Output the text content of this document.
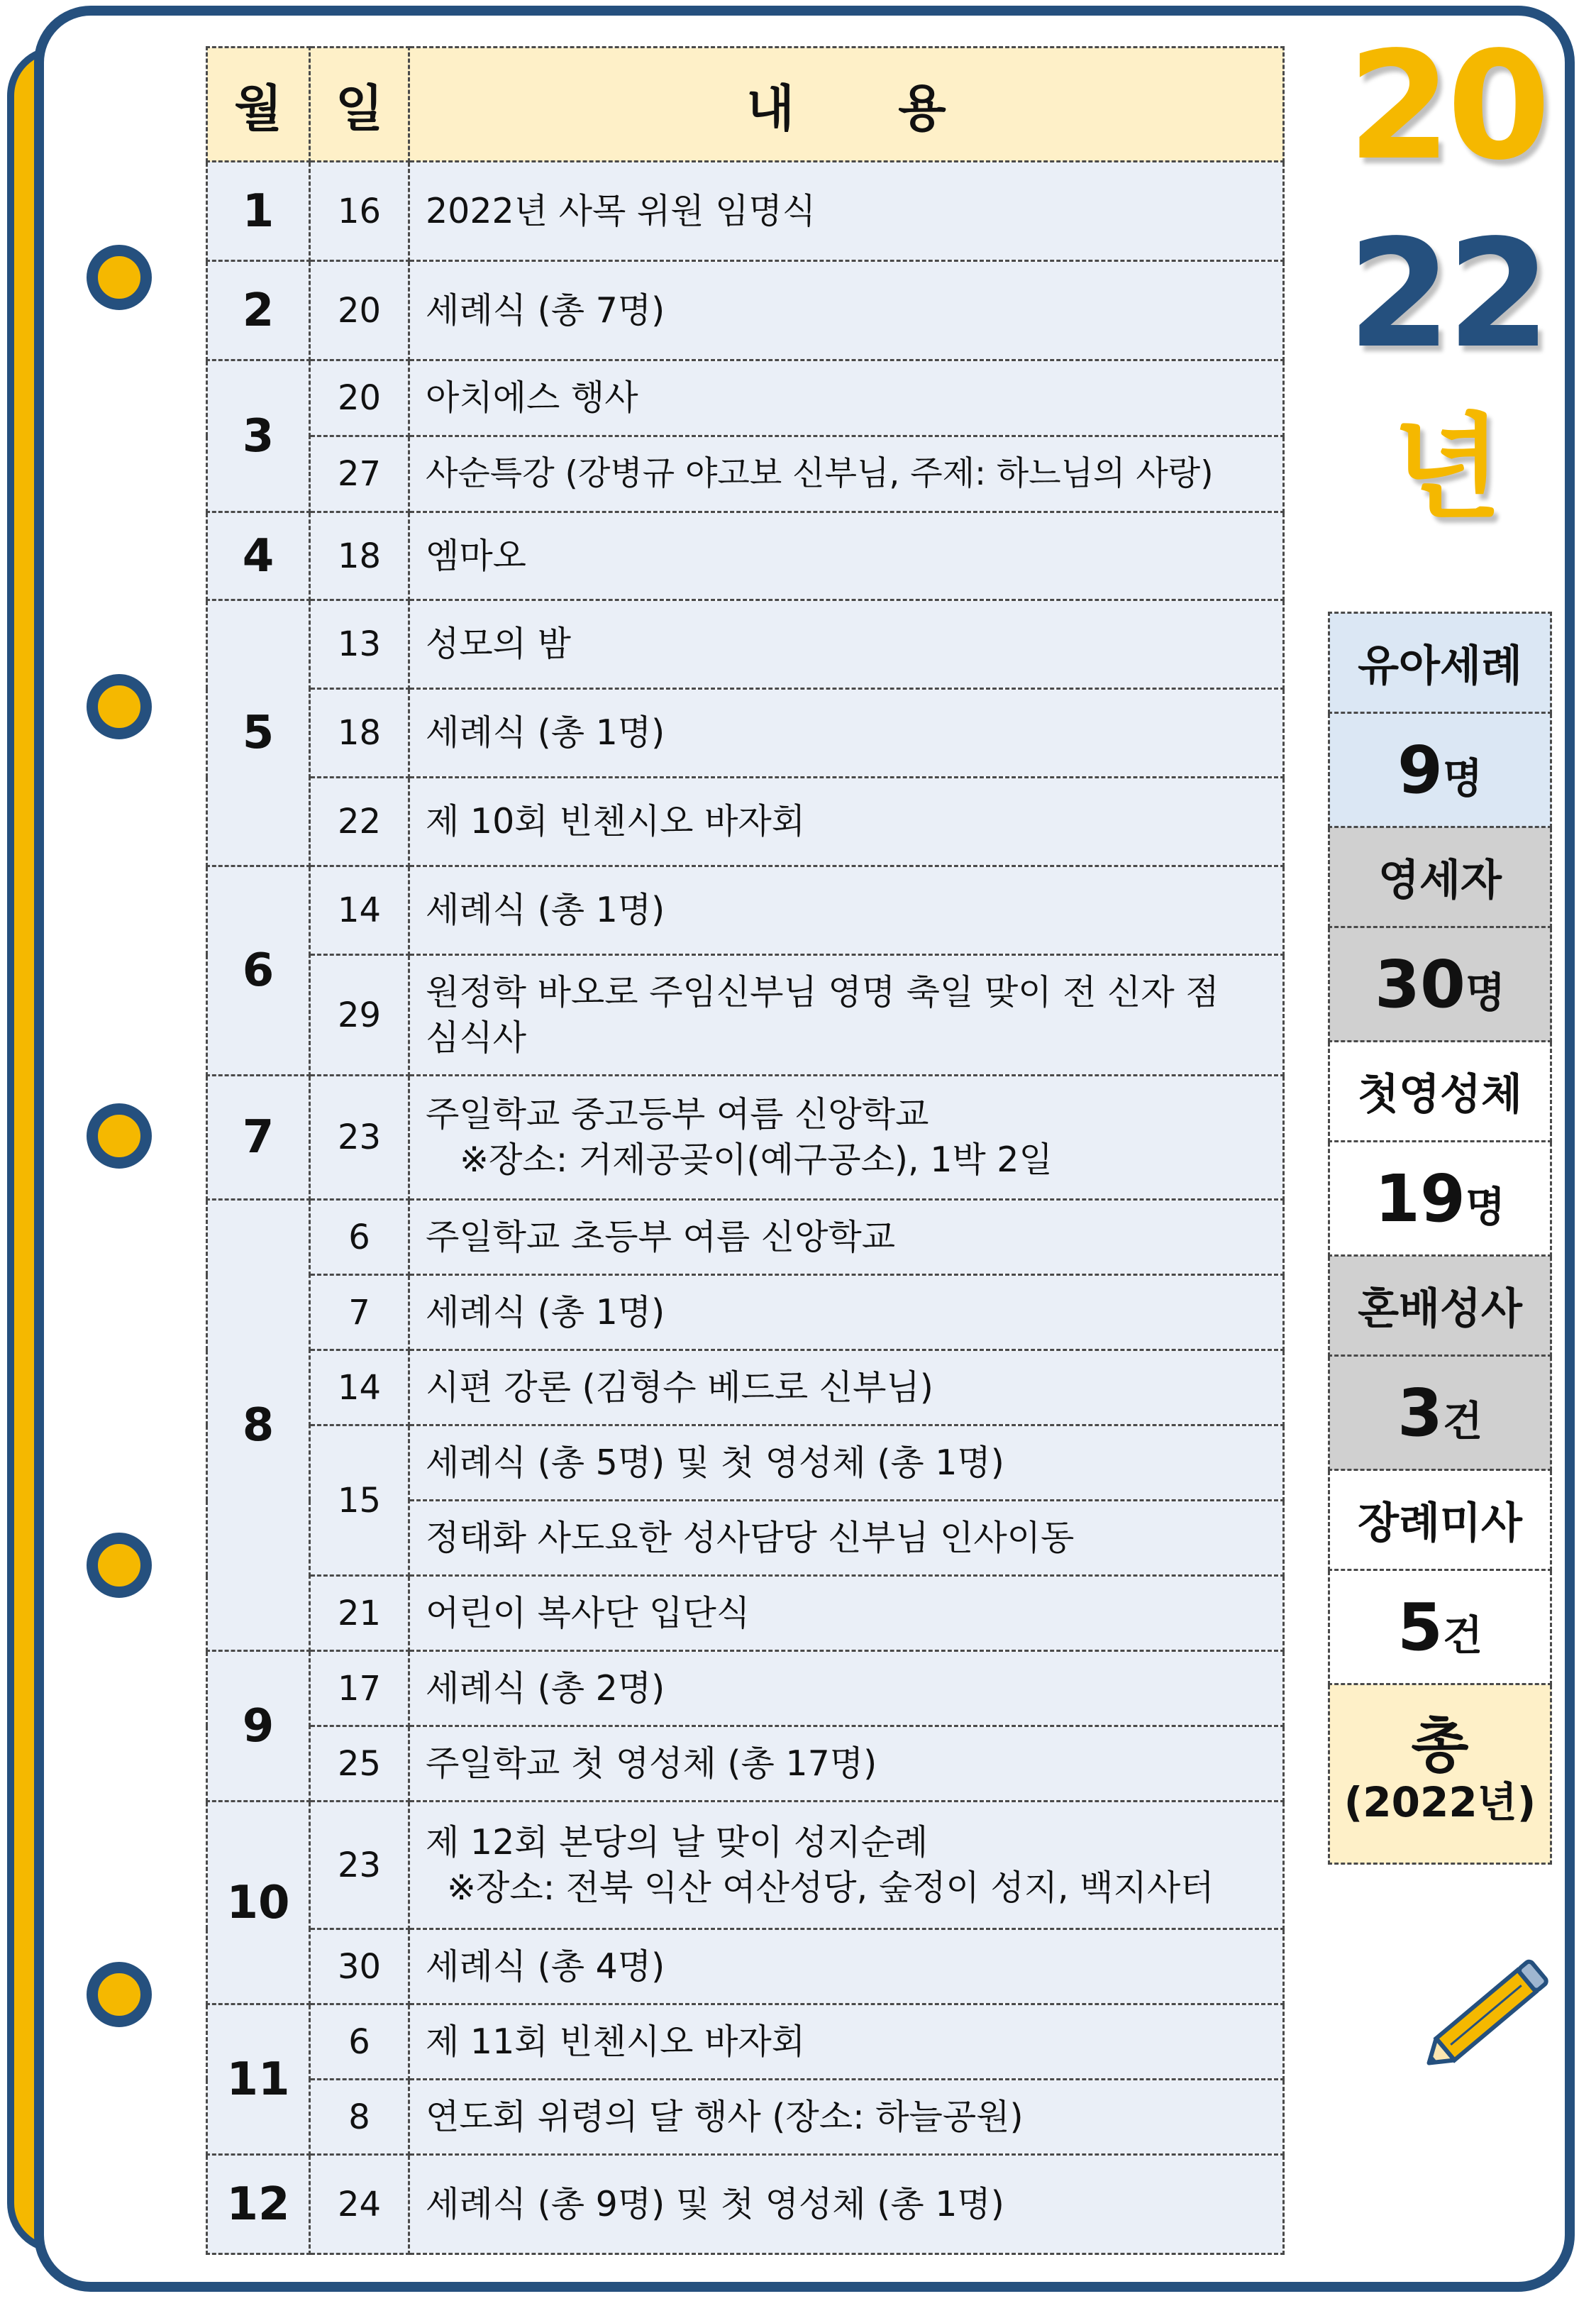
월	일	내      용
1	16	2022년 사목 위원 임명식
2	20	세례식 (총 7명)
3	20	아치에스 행사
	27	사순특강 (강병규 야고보 신부님, 주제: 하느님의 사랑)
4	18	엠마오
5	13	성모의 밤
	18	세례식 (총 1명)
	22	제 10회 빈첸시오 바자회
6	14	세례식 (총 1명)
	29	원정학 바오로 주임신부님 영명 축일 맞이 전 신자 점심식사

7	23	주일학교 중고등부 여름 신앙학교
※장소: 거제공곶이(예구공소), 1박 2일

8	6	주일학교 초등부 여름 신앙학교
	7	세례식 (총 1명)
	14	시편 강론 (김형수 베드로 신부님)
	15	세례식 (총 5명) 및 첫 영성체 (총 1명)
		정태화 사도요한 성사담당 신부님 인사이동
	21	어린이 복사단 입단식
9	17	세례식 (총 2명)
	25	주일학교 첫 영성체 (총 17명)
10	23	제 12회 본당의 날 맞이 성지순례
※장소: 전북 익산 여산성당, 숲정이 성지, 백지사터

	30	세례식 (총 4명)
11	6	제 11회 빈첸시오 바자회
	8	연도회 위령의 달 행사 (장소: 하늘공원)
12	24	세례식 (총 9명) 및 첫 영성체 (총 1명)
20
22
년
유아세례
9명
영세자
30명
첫영성체
19명
혼배성사
3건
장례미사
5건

총
(2022년)
